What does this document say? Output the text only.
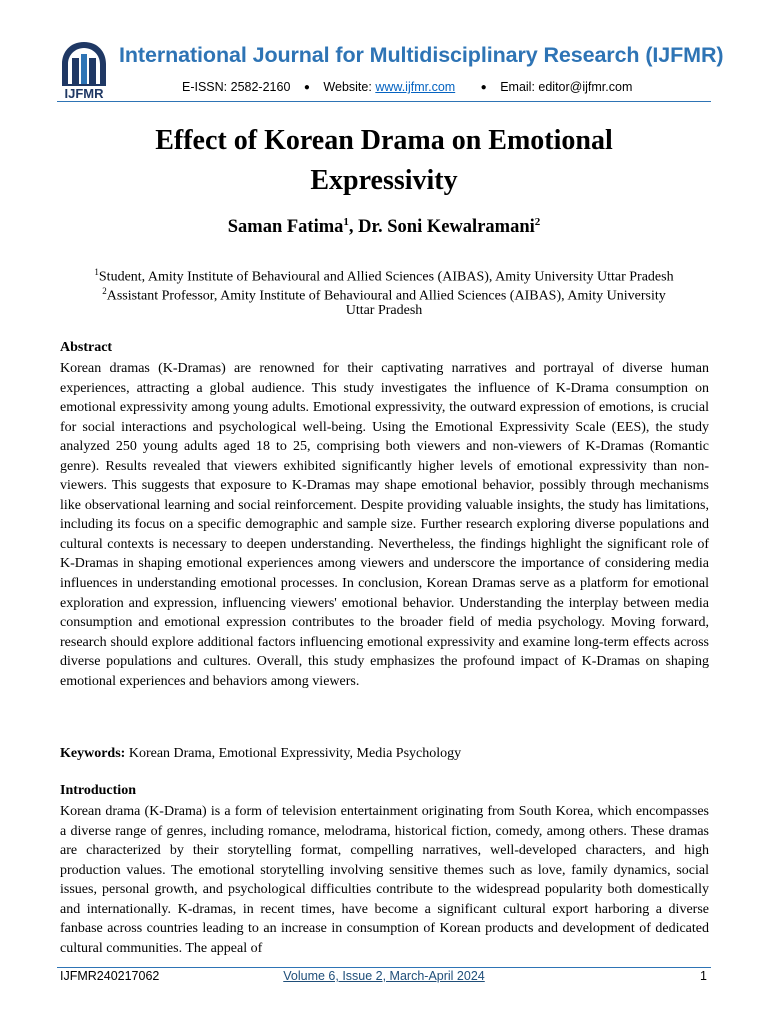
IJFMR
International Journal for Multidisciplinary Research (IJFMR)
E-ISSN: 2582-2160 ● Website: www.ijfmr.com	● Email: editor@ijfmr.com
Effect of Korean Drama on Emotional
Expressivity
Saman Fatima$^1$, Dr. Soni Kewalramani$^2$
$^1$Student, Amity Institute of Behavioural and Allied Sciences (AIBAS), Amity University Uttar Pradesh
$^2$Assistant Professor, Amity Institute of Behavioural and Allied Sciences (AIBAS), Amity University
Uttar Pradesh
Abstract
Korean dramas (K-Dramas) are renowned for their captivating narratives and portrayal of diverse human experiences, attracting a global audience. This study investigates the influence of K-Drama consumption on emotional expressivity among young adults. Emotional expressivity, the outward expression of emotions, is crucial for social interactions and psychological well-being. Using the Emotional Expressivity Scale (EES), the study analyzed 250 young adults aged 18 to 25, comprising both viewers and non-viewers of K-Dramas (Romantic genre). Results revealed that viewers exhibited significantly higher levels of emotional expressivity than non-viewers. This suggests that exposure to K-Dramas may shape emotional behavior, possibly through mechanisms like observational learning and social reinforcement. Despite providing valuable insights, the study has limitations, including its focus on a specific demographic and sample size. Further research exploring diverse populations and cultural contexts is necessary to deepen understanding. Nevertheless, the findings highlight the significant role of K-Dramas in shaping emotional experiences among viewers and underscore the importance of considering media influences in understanding emotional processes. In conclusion, Korean Dramas serve as a platform for emotional exploration and expression, influencing viewers' emotional behavior. Understanding the interplay between media consumption and emotional expression contributes to the broader field of media psychology. Moving forward, research should explore additional factors influencing emotional expressivity and examine long-term effects across diverse populations and cultures. Overall, this study emphasizes the profound impact of K-Dramas on shaping emotional experiences and behaviors among viewers.
Keywords: Korean Drama, Emotional Expressivity, Media Psychology
Introduction
Korean drama (K-Drama) is a form of television entertainment originating from South Korea, which encompasses a diverse range of genres, including romance, melodrama, historical fiction, comedy, among others. These dramas are characterized by their storytelling format, compelling narratives, well-developed characters, and high production values. The emotional storytelling involving sensitive themes such as love, family dynamics, social issues, personal growth, and psychological difficulties contribute to the widespread popularity both domestically and internationally. K-dramas, in recent times, have become a significant cultural export harboring a diverse fanbase across countries leading to an increase in consumption of Korean products and development of dedicated cultural communities. The appeal of
IJFMR240217062	Volume 6, Issue 2, March-April 2024	1
